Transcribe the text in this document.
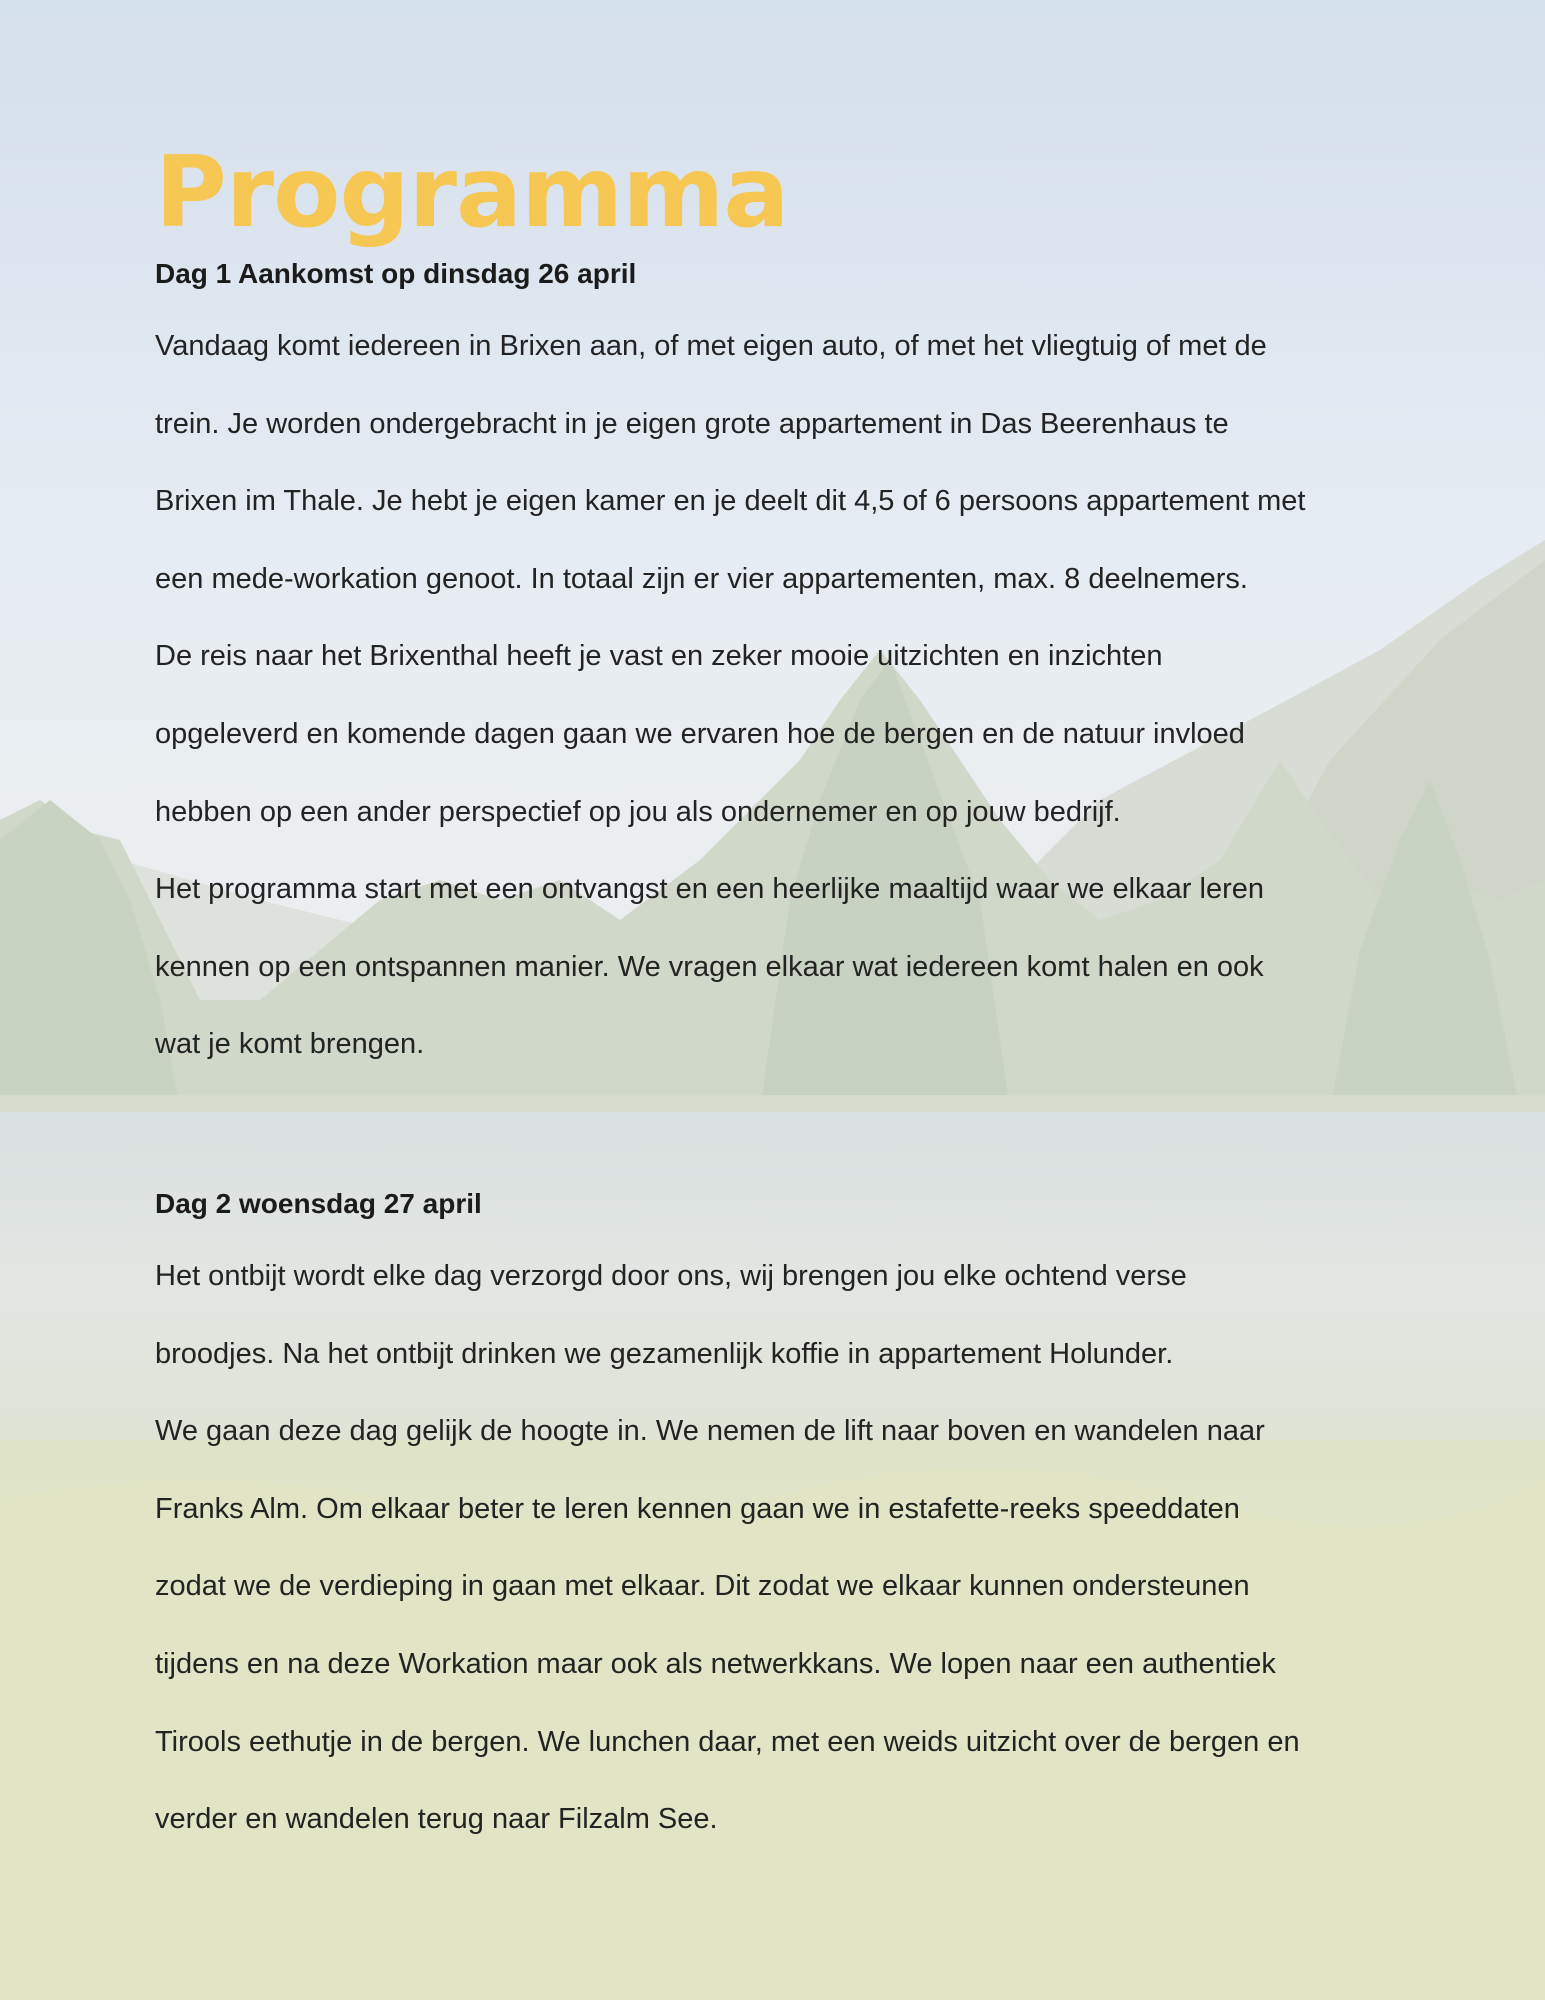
Programma
Dag 1 Aankomst op dinsdag 26 april

Vandaag komt iedereen in Brixen aan, of met eigen auto, of met het vliegtuig of met de
trein. Je worden ondergebracht in je eigen grote appartement in Das Beerenhaus te
Brixen im Thale. Je hebt je eigen kamer en je deelt dit 4,5 of 6 persoons appartement met
een mede-workation genoot. In totaal zijn er vier appartementen, max. 8 deelnemers.
De reis naar het Brixenthal heeft je vast en zeker mooie uitzichten en inzichten
opgeleverd en komende dagen gaan we ervaren hoe de bergen en de natuur invloed
hebben op een ander perspectief op jou als ondernemer en op jouw bedrijf.
Het programma start met een ontvangst en een heerlijke maaltijd waar we elkaar leren
kennen op een ontspannen manier. We vragen elkaar wat iedereen komt halen en ook
wat je komt brengen.

Dag 2 woensdag 27 april

Het ontbijt wordt elke dag verzorgd door ons, wij brengen jou elke ochtend verse
broodjes. Na het ontbijt drinken we gezamenlijk koffie in appartement Holunder.
We gaan deze dag gelijk de hoogte in. We nemen de lift naar boven en wandelen naar
Franks Alm. Om elkaar beter te leren kennen gaan we in estafette-reeks speeddaten
zodat we de verdieping in gaan met elkaar. Dit zodat we elkaar kunnen ondersteunen
tijdens en na deze Workation maar ook als netwerkkans. We lopen naar een authentiek
Tirools eethutje in de bergen. We lunchen daar, met een weids uitzicht over de bergen en
verder en wandelen terug naar Filzalm See.
